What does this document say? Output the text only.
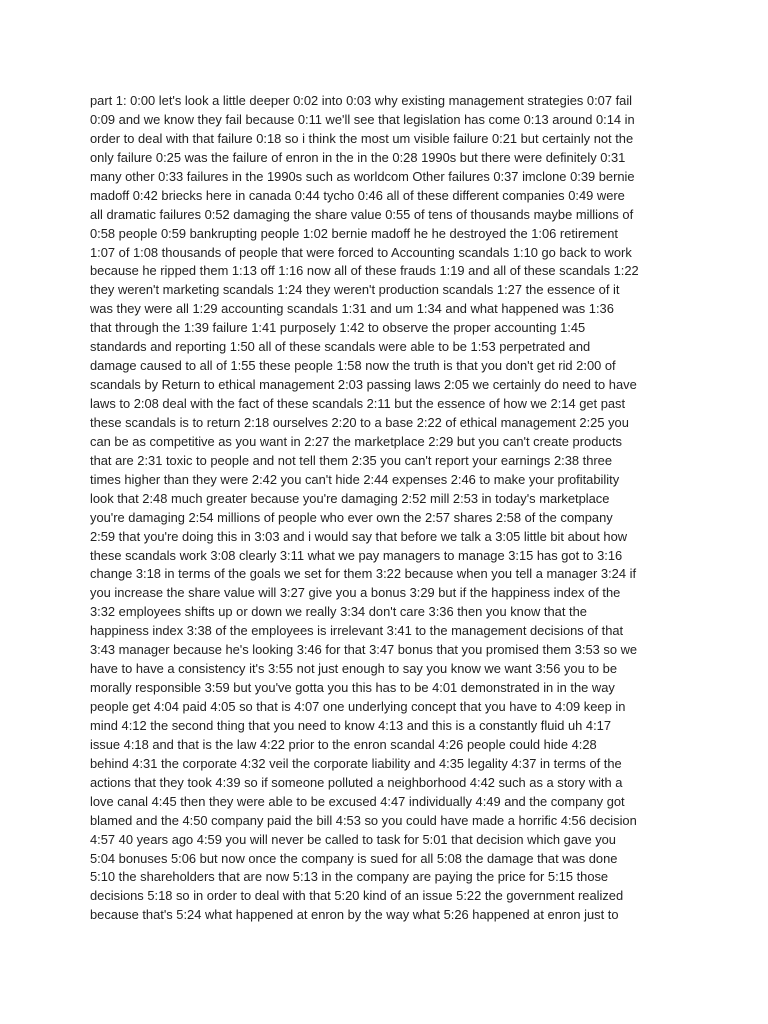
part 1: 0:00 let's look a little deeper 0:02 into 0:03 why existing management strategies 0:07 fail
0:09 and we know they fail because 0:11 we'll see that legislation has come 0:13 around 0:14 in
order to deal with that failure 0:18 so i think the most um visible failure 0:21 but certainly not the
only failure 0:25 was the failure of enron in the in the 0:28 1990s but there were definitely 0:31
many other 0:33 failures in the 1990s such as worldcom Other failures 0:37 imclone 0:39 bernie
madoff 0:42 briecks here in canada 0:44 tycho 0:46 all of these different companies 0:49 were
all dramatic failures 0:52 damaging the share value 0:55 of tens of thousands maybe millions of
0:58 people 0:59 bankrupting people 1:02 bernie madoff he he destroyed the 1:06 retirement
1:07 of 1:08 thousands of people that were forced to Accounting scandals 1:10 go back to work
because he ripped them 1:13 off 1:16 now all of these frauds 1:19 and all of these scandals 1:22
they weren't marketing scandals 1:24 they weren't production scandals 1:27 the essence of it
was they were all 1:29 accounting scandals 1:31 and um 1:34 and what happened was 1:36
that through the 1:39 failure 1:41 purposely 1:42 to observe the proper accounting 1:45
standards and reporting 1:50 all of these scandals were able to be 1:53 perpetrated and
damage caused to all of 1:55 these people 1:58 now the truth is that you don't get rid 2:00 of
scandals by Return to ethical management 2:03 passing laws 2:05 we certainly do need to have
laws to 2:08 deal with the fact of these scandals 2:11 but the essence of how we 2:14 get past
these scandals is to return 2:18 ourselves 2:20 to a base 2:22 of ethical management 2:25 you
can be as competitive as you want in 2:27 the marketplace 2:29 but you can't create products
that are 2:31 toxic to people and not tell them 2:35 you can't report your earnings 2:38 three
times higher than they were 2:42 you can't hide 2:44 expenses 2:46 to make your profitability
look that 2:48 much greater because you're damaging 2:52 mill 2:53 in today's marketplace
you're damaging 2:54 millions of people who ever own the 2:57 shares 2:58 of the company
2:59 that you're doing this in 3:03 and i would say that before we talk a 3:05 little bit about how
these scandals work 3:08 clearly 3:11 what we pay managers to manage 3:15 has got to 3:16
change 3:18 in terms of the goals we set for them 3:22 because when you tell a manager 3:24 if
you increase the share value will 3:27 give you a bonus 3:29 but if the happiness index of the
3:32 employees shifts up or down we really 3:34 don't care 3:36 then you know that the
happiness index 3:38 of the employees is irrelevant 3:41 to the management decisions of that
3:43 manager because he's looking 3:46 for that 3:47 bonus that you promised them 3:53 so we
have to have a consistency it's 3:55 not just enough to say you know we want 3:56 you to be
morally responsible 3:59 but you've gotta you this has to be 4:01 demonstrated in in the way
people get 4:04 paid 4:05 so that is 4:07 one underlying concept that you have to 4:09 keep in
mind 4:12 the second thing that you need to know 4:13 and this is a constantly fluid uh 4:17
issue 4:18 and that is the law 4:22 prior to the enron scandal 4:26 people could hide 4:28
behind 4:31 the corporate 4:32 veil the corporate liability and 4:35 legality 4:37 in terms of the
actions that they took 4:39 so if someone polluted a neighborhood 4:42 such as a story with a
love canal 4:45 then they were able to be excused 4:47 individually 4:49 and the company got
blamed and the 4:50 company paid the bill 4:53 so you could have made a horrific 4:56 decision
4:57 40 years ago 4:59 you will never be called to task for 5:01 that decision which gave you
5:04 bonuses 5:06 but now once the company is sued for all 5:08 the damage that was done
5:10 the shareholders that are now 5:13 in the company are paying the price for 5:15 those
decisions 5:18 so in order to deal with that 5:20 kind of an issue 5:22 the government realized
because that's 5:24 what happened at enron by the way what 5:26 happened at enron just to
